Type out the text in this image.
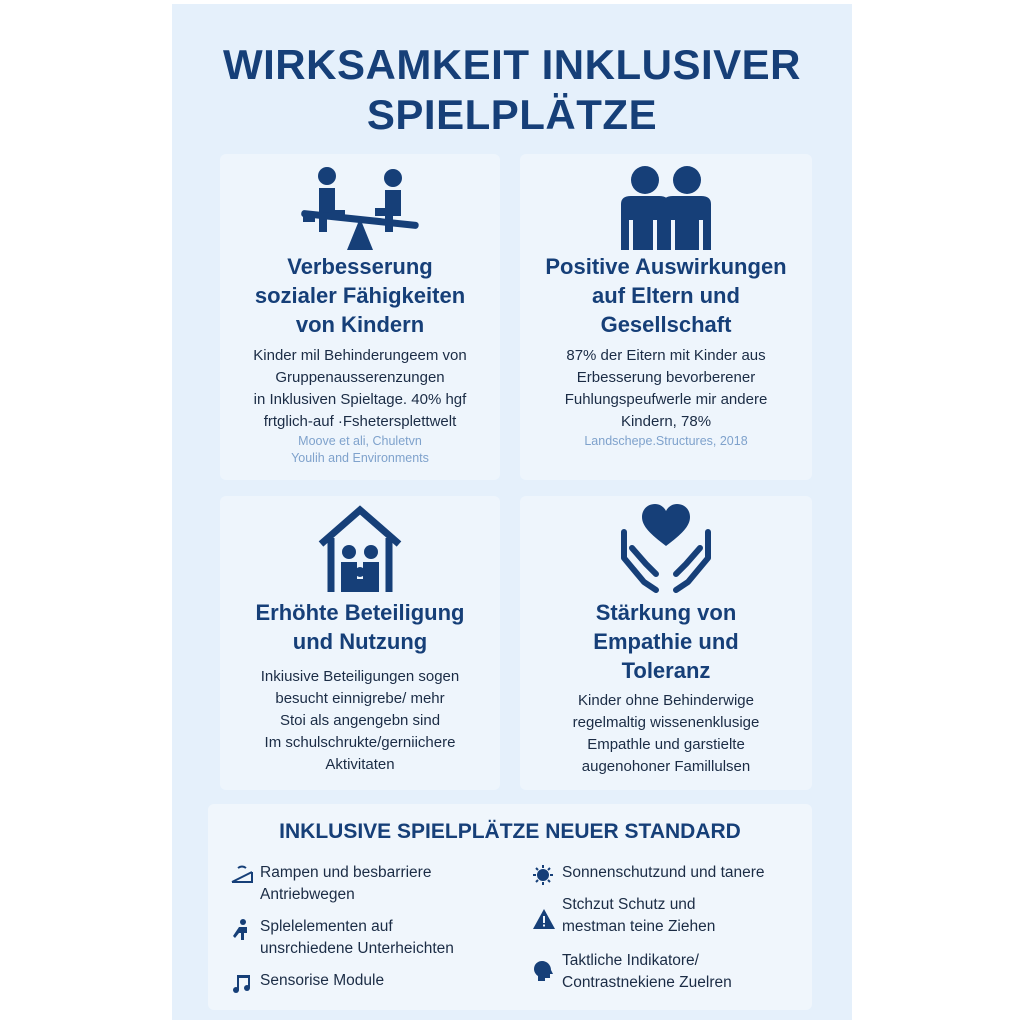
WIRKSAMKEIT INKLUSIVER
SPIELPLÄTZE
Verbesserung
sozialer Fähigkeiten
von Kindern

Kinder mil Behinderungeem von
Gruppenausserenzungen
in Inklusiven Spieltage. 40% hgf
frtglich-auf ·Fshetersplettwelt

Moove et ali, Chuletvn
Youlih and Environments
Positive Auswirkungen
auf Eltern und
Gesellschaft

87% der Eitern mit Kinder aus
Erbesserung bevorberener
Fuhlungspeufwerle mir andere
Kindern, 78%

Landschepe.Structures, 2018
Erhöhte Beteiligung
und Nutzung

Inkiusive Beteiligungen sogen
besucht einnigrebe/ mehr
Stoi als angengebn sind
Im schulschrukte/gerniichere
Aktivitaten

Stärkung von
Empathie und
Toleranz

Kinder ohne Behinderwige
regelmaltig wissenenklusige
Empathle und garstielte
augenohoner Famillulsen

INKLUSIVE SPIELPLÄTZE NEUER STANDARD
Rampen und besbarriere
Antriebwegen
Splelelementen auf
unsrchiedene Unterheichten
Sensorise Module
Sonnenschutzund und tanere
Stchzut Schutz und
mestman teine Ziehen
Taktliche Indikatore/
Contrastnekiene Zuelren
